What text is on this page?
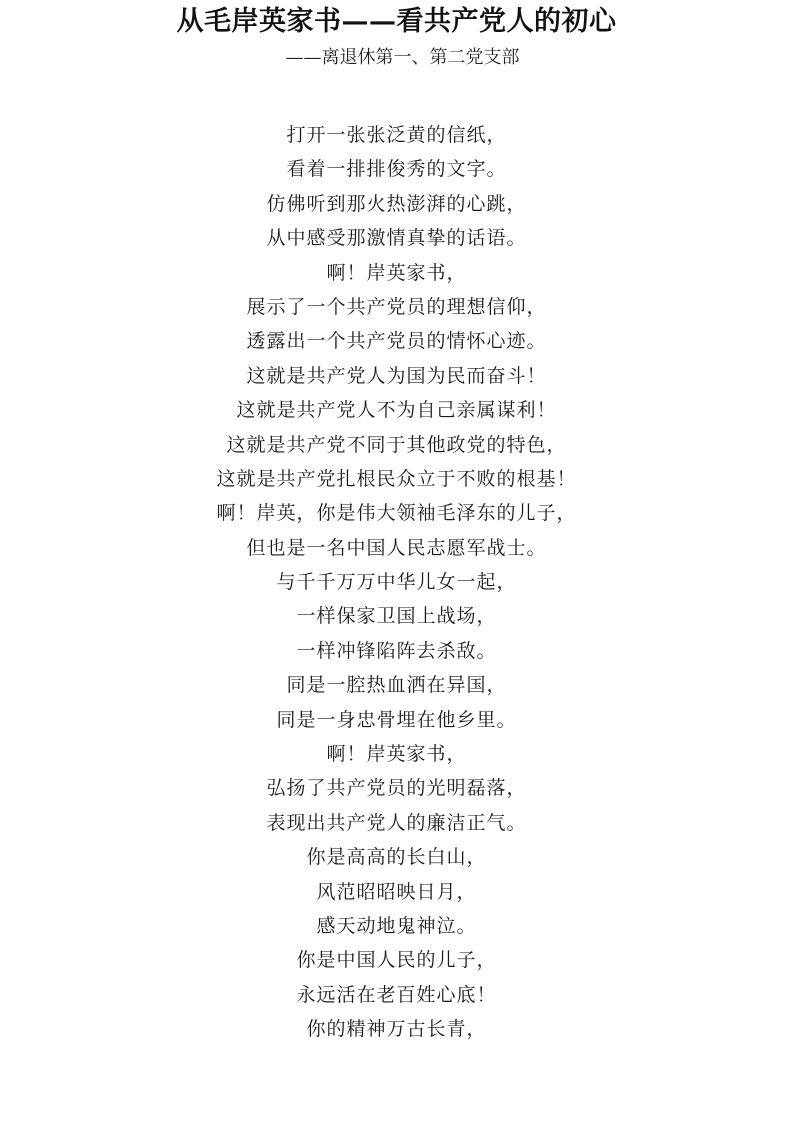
从毛岸英家书——看共产党人的初心
——离退休第一、第二党支部
打开一张张泛黄的信纸，
看着一排排俊秀的文字。
仿佛听到那火热澎湃的心跳，
从中感受那激情真挚的话语。
啊！岸英家书，
展示了一个共产党员的理想信仰，
透露出一个共产党员的情怀心迹。
这就是共产党人为国为民而奋斗！
这就是共产党人不为自己亲属谋利！
这就是共产党不同于其他政党的特色，
这就是共产党扎根民众立于不败的根基！
啊！岸英，你是伟大领袖毛泽东的儿子，
但也是一名中国人民志愿军战士。
与千千万万中华儿女一起，
一样保家卫国上战场，
一样冲锋陷阵去杀敌。
同是一腔热血洒在异国，
同是一身忠骨埋在他乡里。
啊！岸英家书，
弘扬了共产党员的光明磊落，
表现出共产党人的廉洁正气。
你是高高的长白山，
风范昭昭映日月，
感天动地鬼神泣。
你是中国人民的儿子，
永远活在老百姓心底！
你的精神万古长青，
